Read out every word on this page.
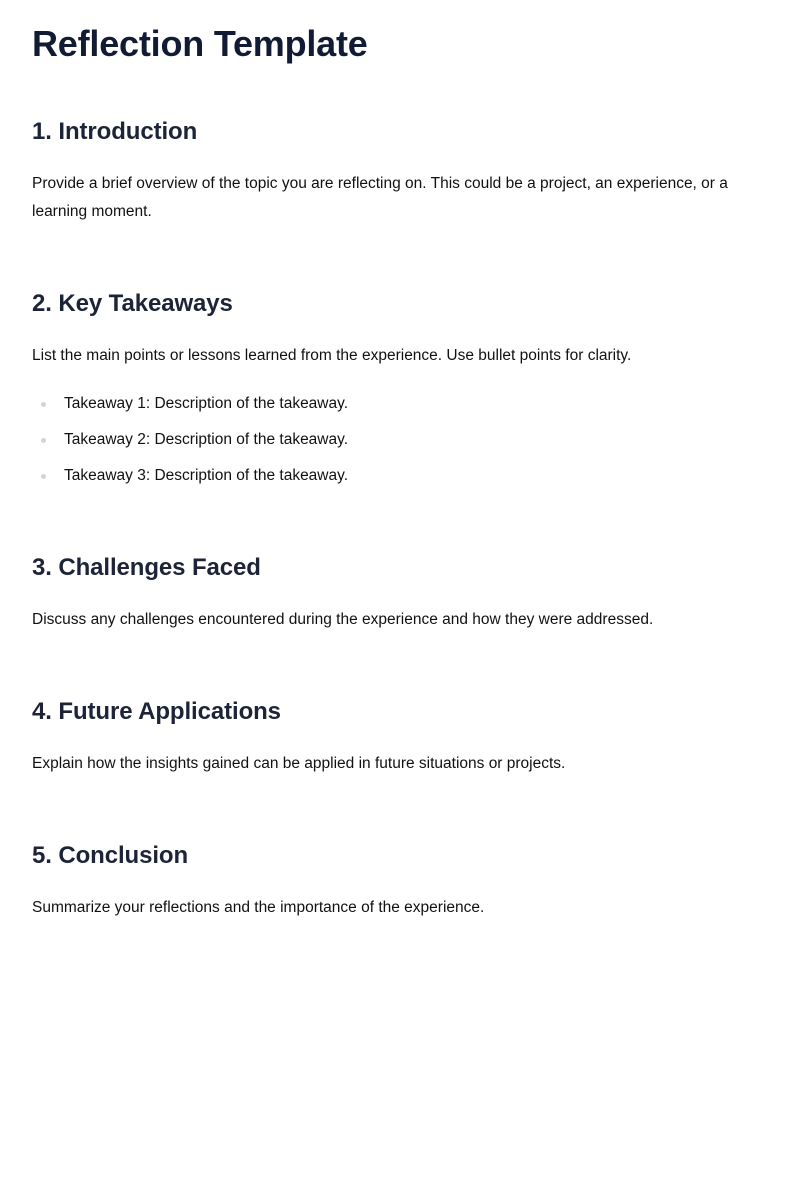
Reflection Template
1. Introduction

Provide a brief overview of the topic you are reflecting on. This could be a project, an experience, or a learning moment.

2. Key Takeaways

List the main points or lessons learned from the experience. Use bullet points for clarity.

Takeaway 1: Description of the takeaway.
Takeaway 2: Description of the takeaway.
Takeaway 3: Description of the takeaway.
3. Challenges Faced

Discuss any challenges encountered during the experience and how they were addressed.

4. Future Applications

Explain how the insights gained can be applied in future situations or projects.

5. Conclusion

Summarize your reflections and the importance of the experience.
